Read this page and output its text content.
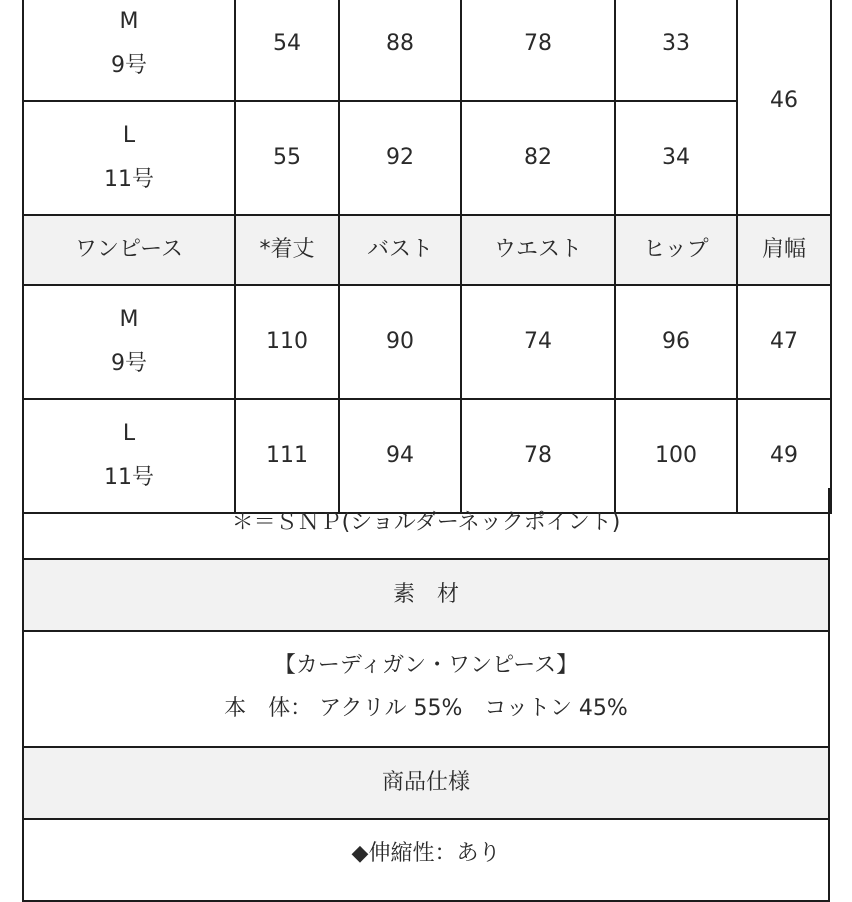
M
9号	54	88	78	33	46

L
11号	55	92	82	34	
ワンピース	*着丈	バスト	ウエスト	ヒップ	肩幅

M
9号	110	90	74	96	47

L
11号	111	94	78	100	49
＊＝ＳＮＰ(ショルダーネックポイント)
素　材
【カーディガン・ワンピース】
本　体： アクリル 55%　コットン 45%
商品仕様
◆伸縮性：あり
